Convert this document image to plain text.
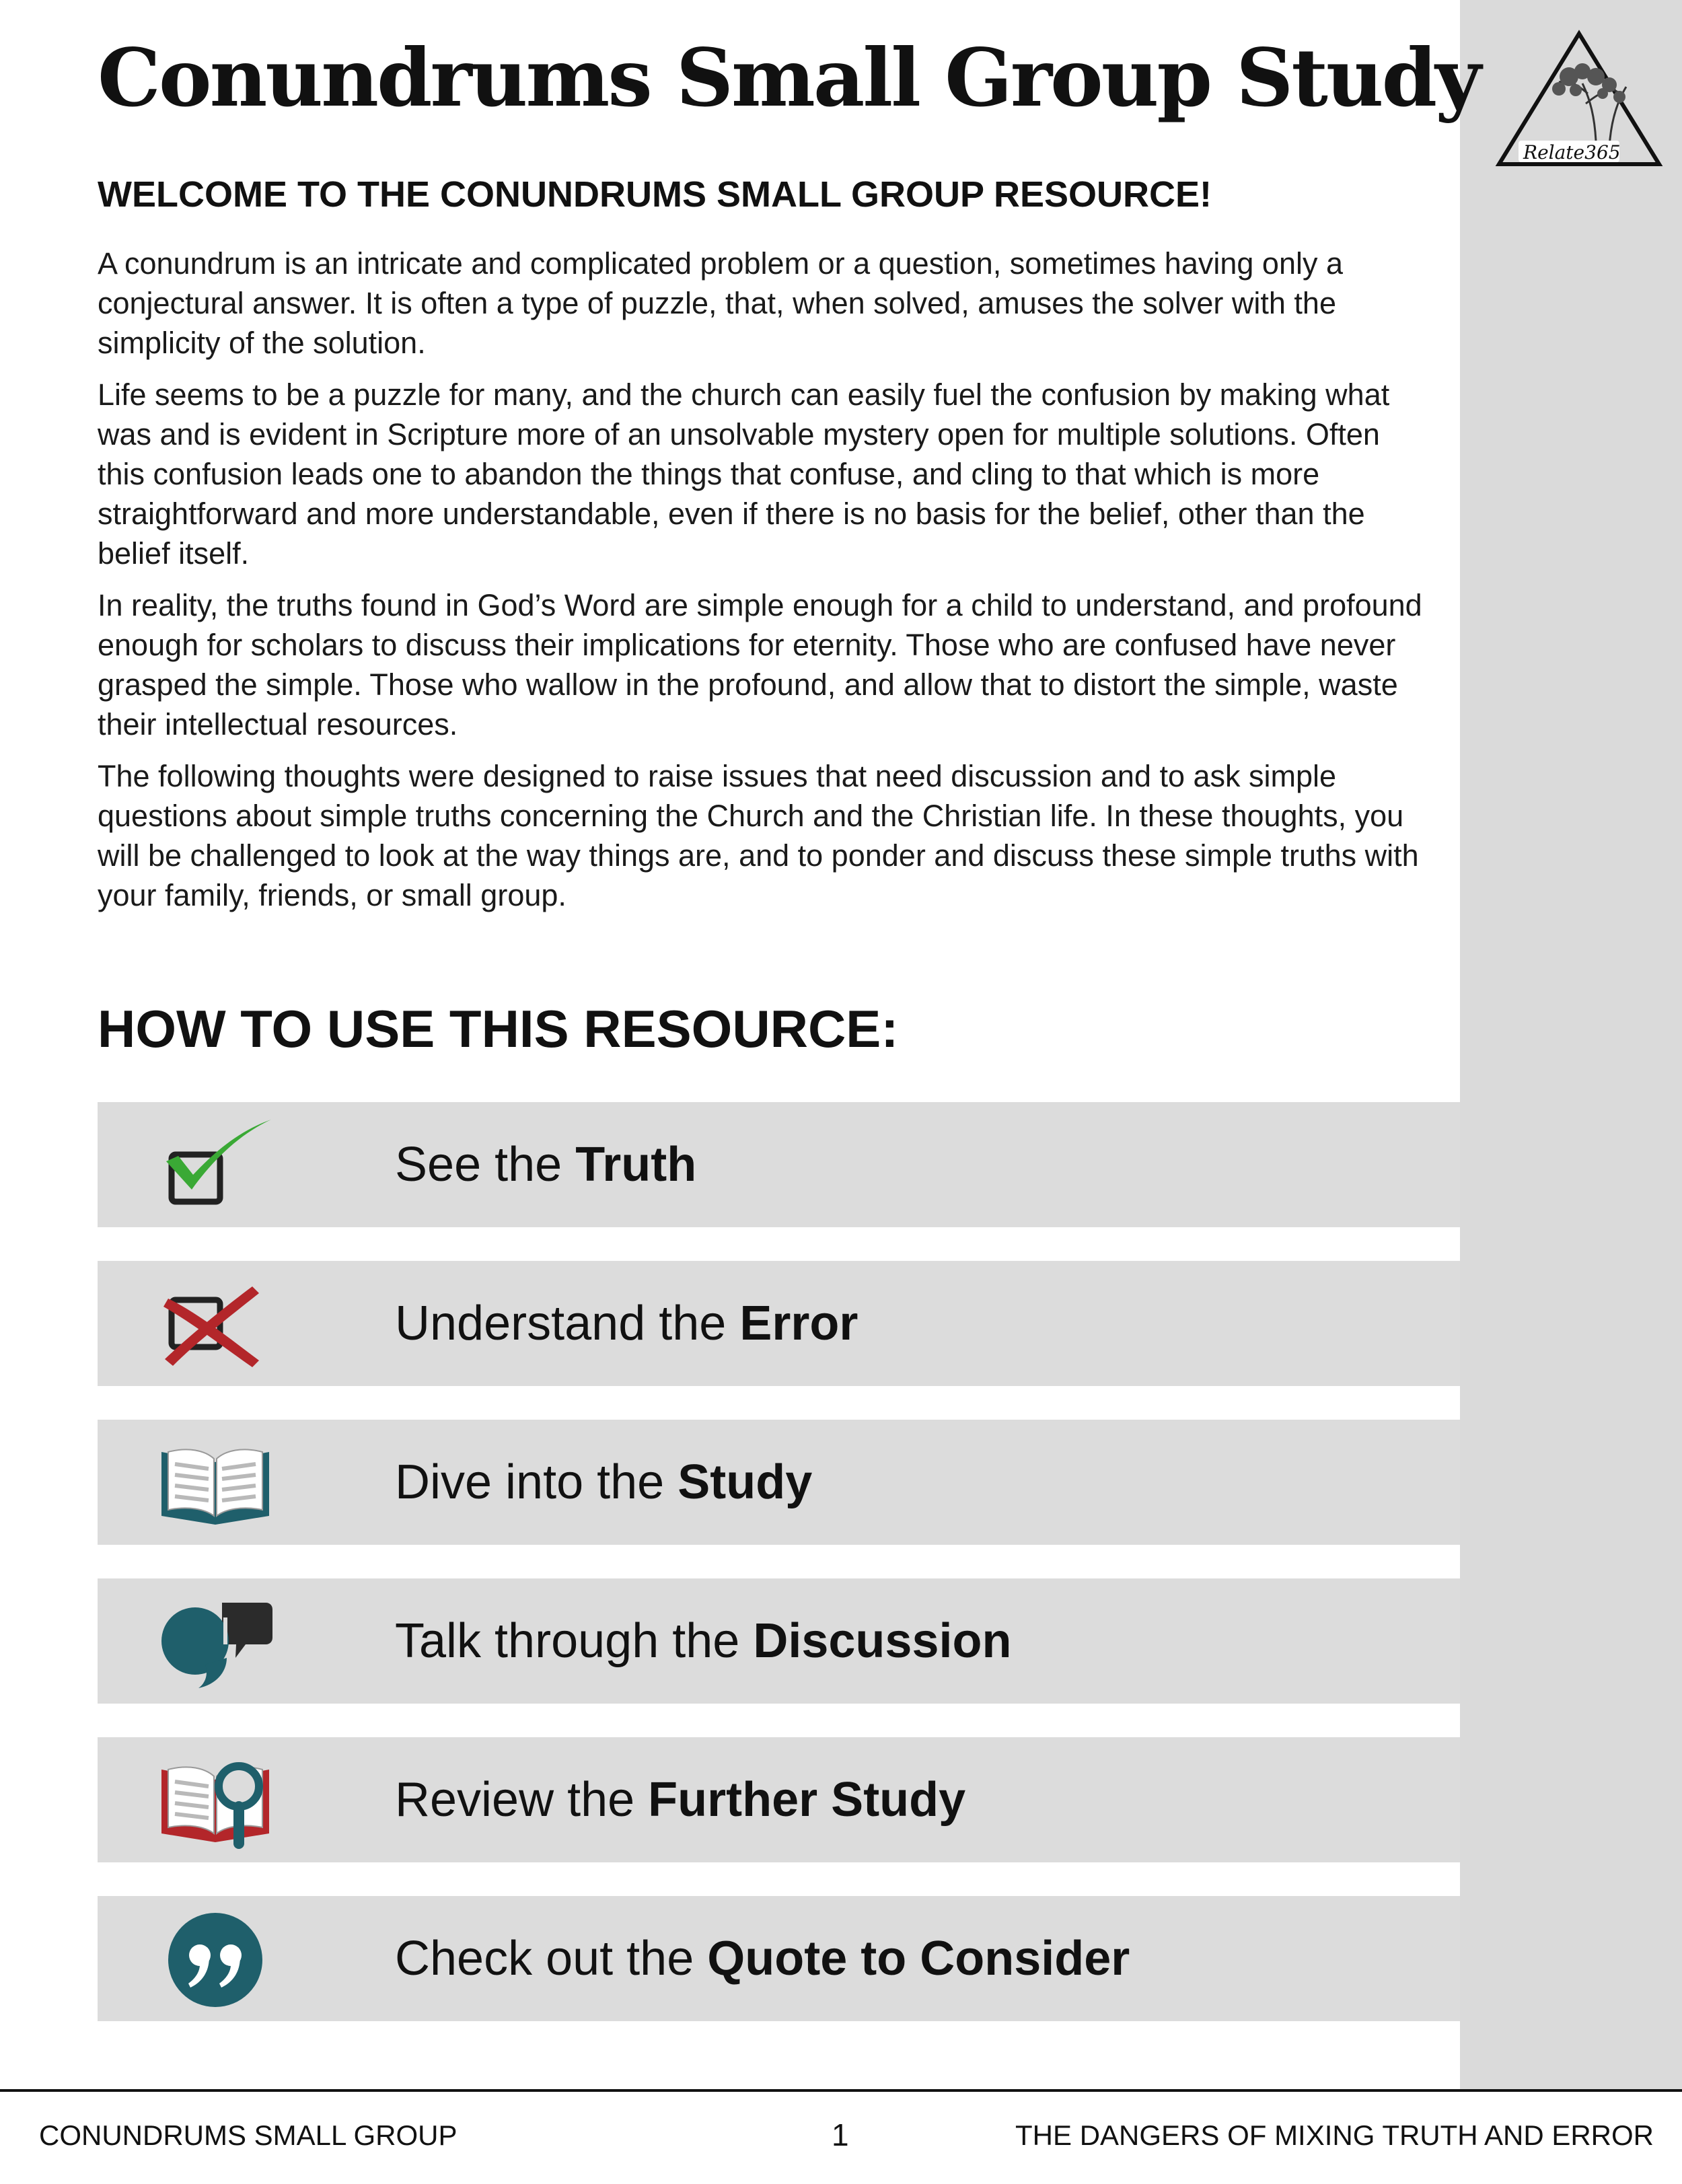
Relate365
Conundrums Small Group Study
WELCOME TO THE CONUNDRUMS SMALL GROUP RESOURCE!

A conundrum is an intricate and complicated problem or a question, sometimes having only a conjectural answer. It is often a type of puzzle, that, when solved, amuses the solver with the simplicity of the solution.

Life seems to be a puzzle for many, and the church can easily fuel the confusion by making what was and is evident in Scripture more of an unsolvable mystery open for multiple solutions. Often this confusion leads one to abandon the things that confuse, and cling to that which is more straightforward and more understandable, even if there is no basis for the belief, other than the belief itself.

In reality, the truths found in God’s Word are simple enough for a child to understand, and profound enough for scholars to discuss their implications for eternity. Those who are confused have never grasped the simple. Those who wallow in the profound, and allow that to distort the simple, waste their intellectual resources.

The following thoughts were designed to raise issues that need discussion and to ask simple questions about simple truths concerning the Church and the Christian life. In these thoughts, you will be challenged to look at the way things are, and to ponder and discuss these simple truths with your family, friends, or small group.

HOW TO USE THIS RESOURCE:
See the Truth
Understand the Error
Dive into the Study
Talk through the Discussion
Review the Further Study
Check out the Quote to Consider
CONUNDRUMS SMALL GROUP	1	THE DANGERS OF MIXING TRUTH AND ERROR
